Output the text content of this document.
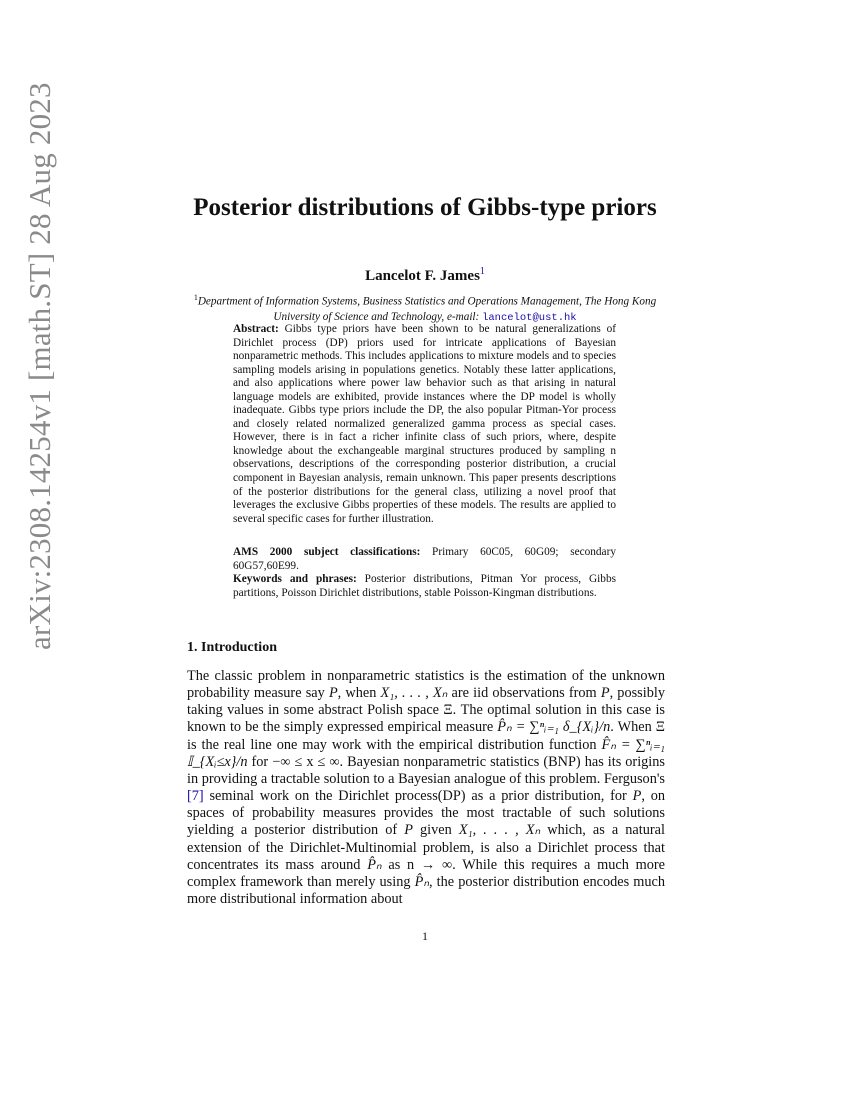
arXiv:2308.14254v1 [math.ST] 28 Aug 2023	Posterior distributions of Gibbs-type priors
Lancelot F. James$^1$
$^1$Department of Information Systems, Business Statistics and Operations Management, The Hong Kong University of Science and Technology, e-mail: lancelot@ust.hk

Abstract: Gibbs type priors have been shown to be natural generalizations of Dirichlet process (DP) priors used for intricate applications of Bayesian nonparametric methods. This includes applications to mixture models and to species sampling models arising in populations genetics. Notably these latter applications, and also applications where power law behavior such as that arising in natural language models are exhibited, provide instances where the DP model is wholly inadequate. Gibbs type priors include the DP, the also popular Pitman-Yor process and closely related normalized generalized gamma process as special cases. However, there is in fact a richer infinite class of such priors, where, despite knowledge about the exchangeable marginal structures produced by sampling n observations, descriptions of the corresponding posterior distribution, a crucial component in Bayesian analysis, remain unknown. This paper presents descriptions of the posterior distributions for the general class, utilizing a novel proof that leverages the exclusive Gibbs properties of these models. The results are applied to several specific cases for further illustration.

AMS 2000 subject classifications: Primary 60C05, 60G09; secondary 60G57,60E99.

Keywords and phrases: Posterior distributions, Pitman Yor process, Gibbs partitions, Poisson Dirichlet distributions, stable Poisson-Kingman distributions.

1. Introduction

The classic problem in nonparametric statistics is the estimation of the unknown probability measure say P, when X₁, . . . , Xₙ are iid observations from P, possibly taking values in some abstract Polish space Ξ. The optimal solution in this case is known to be the simply expressed empirical measure P̂ₙ = ∑ⁿᵢ₌₁ δ_{Xᵢ}/n. When Ξ is the real line one may work with the empirical distribution function F̂ₙ = ∑ⁿᵢ₌₁ 𝕀_{Xᵢ≤x}/n for −∞ ≤ x ≤ ∞. Bayesian nonparametric statistics (BNP) has its origins in providing a tractable solution to a Bayesian analogue of this problem. Ferguson's [7] seminal work on the Dirichlet process(DP) as a prior distribution, for P, on spaces of probability measures provides the most tractable of such solutions yielding a posterior distribution of P given X₁, . . . , Xₙ which, as a natural extension of the Dirichlet-Multinomial problem, is also a Dirichlet process that concentrates its mass around P̂ₙ as n → ∞. While this requires a much more complex framework than merely using P̂ₙ, the posterior distribution encodes much more distributional information about

1
